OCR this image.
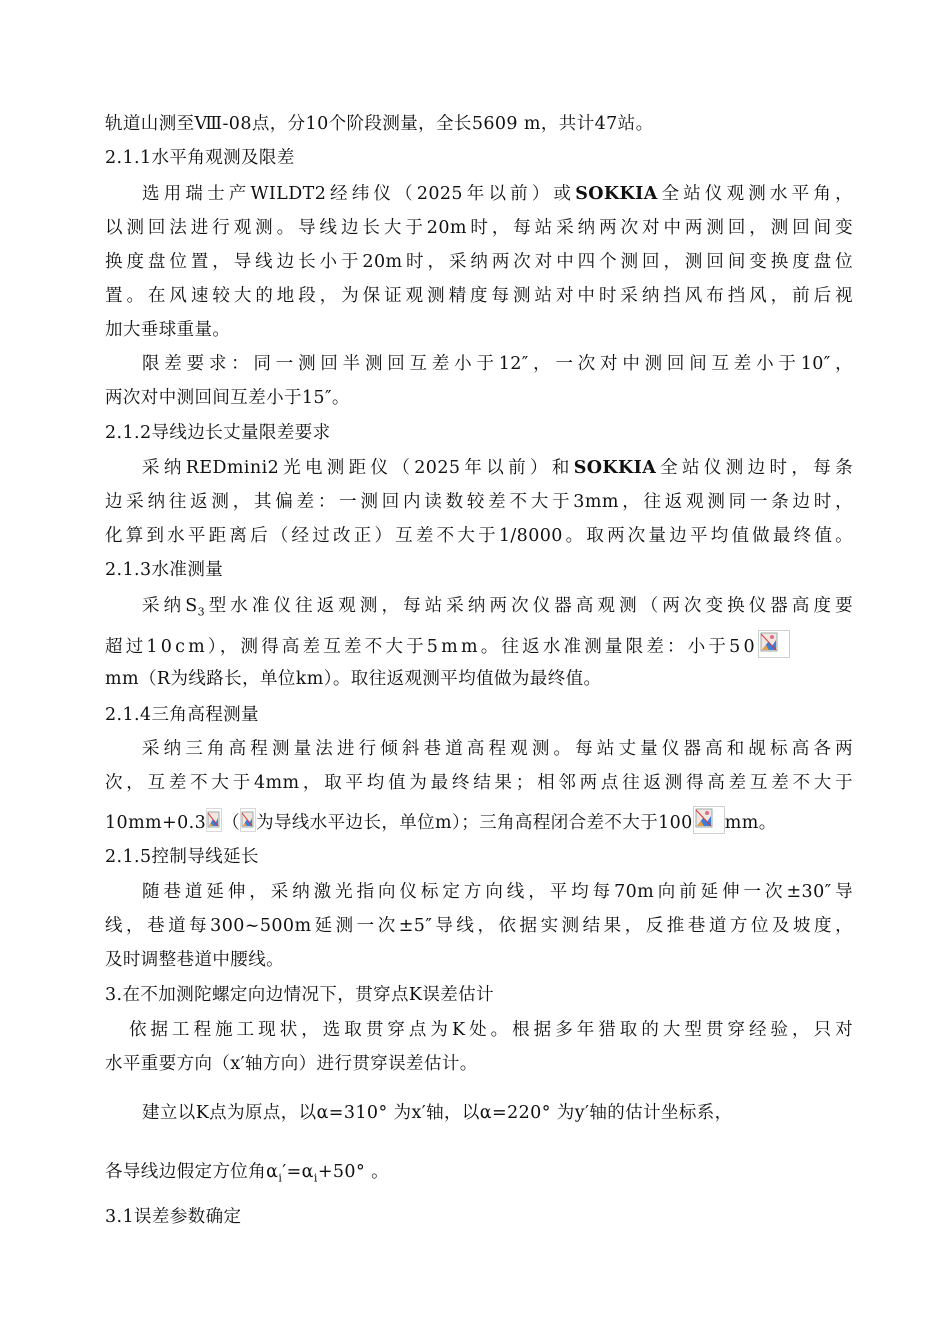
轨道山测至Ⅷ-08点，分10个阶段测量，全长5609 m，共计47站。
2.1.1水平角观测及限差
选用瑞士产WILDT2经纬仪（2025年以前）或SOKKIA全站仪观测水平角，
以测回法进行观测。导线边长大于20m时，每站采纳两次对中两测回，测回间变
换度盘位置，导线边长小于20m时，采纳两次对中四个测回，测回间变换度盘位
置。在风速较大的地段，为保证观测精度每测站对中时采纳挡风布挡风，前后视
加大垂球重量。
限差要求：同一测回半测回互差小于12″，一次对中测回间互差小于10″，
两次对中测回间互差小于15″。
2.1.2导线边长丈量限差要求
采纳REDmini2光电测距仪（2025年以前）和SOKKIA全站仪测边时，每条
边采纳往返测，其偏差：一测回内读数较差不大于3mm，往返观测同一条边时，
化算到水平距离后（经过改正）互差不大于1/8000。取两次量边平均值做最终值。
2.1.3水准测量
采纳$S_3$型水准仪往返观测，每站采纳两次仪器高观测（两次变换仪器高度要
超过10cm），测得高差互差不大于5mm。往返水准测量限差：小于50
mm（R为线路长，单位km）。取往返观测平均值做为最终值。
2.1.4三角高程测量
采纳三角高程测量法进行倾斜巷道高程观测。每站丈量仪器高和觇标高各两
次，互差不大于4mm，取平均值为最终结果；相邻两点往返测得高差互差不大于
10mm+0.3 （ 为导线水平边长，单位m）；三角高程闭合差不大于100 mm。
2.1.5控制导线延长
随巷道延伸，采纳激光指向仪标定方向线，平均每70m向前延伸一次±30″导
线，巷道每300~500m延测一次±5″导线，依据实测结果，反推巷道方位及坡度，
及时调整巷道中腰线。
3.在不加测陀螺定向边情况下，贯穿点K误差估计
依据工程施工现状，选取贯穿点为K处。根据多年猎取的大型贯穿经验，只对
水平重要方向（x′轴方向）进行贯穿误差估计。
建立以K点为原点，以α=310° 为x′轴，以α=220° 为y′轴的估计坐标系，
各导线边假定方位角$\alpha_i'=\alpha_i+50^\circ$ 。
3.1误差参数确定
